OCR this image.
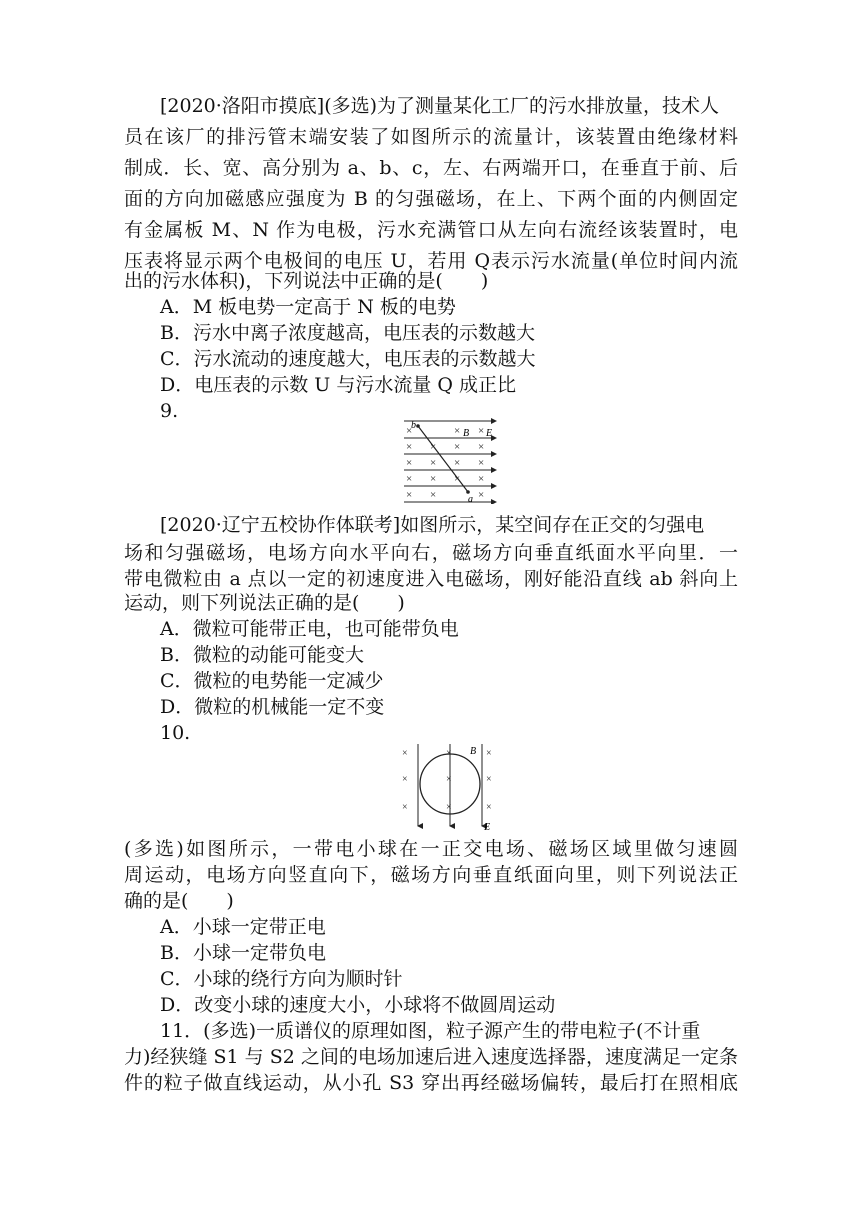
[2020·洛阳市摸底](多选)为了测量某化工厂的污水排放量，技术人
员在该厂的排污管末端安装了如图所示的流量计，该装置由绝缘材料
制成．长、宽、高分别为 a、b、c，左、右两端开口，在垂直于前、后
面的方向加磁感应强度为 B 的匀强磁场，在上、下两个面的内侧固定
有金属板 M、N 作为电极，污水充满管口从左向右流经该装置时，电
压表将显示两个电极间的电压 U，若用 Q表示污水流量(单位时间内流
出的污水体积)，下列说法中正确的是(　　)
A．M 板电势一定高于 N 板的电势
B．污水中离子浓度越高，电压表的示数越大
C．污水流动的速度越大，电压表的示数越大
D．电压表的示数 U 与污水流量 Q 成正比
9.
×	×
× × × ×
× × × ×
× × × ×
× ×	×
×
b
a
B E
[2020·辽宁五校协作体联考]如图所示，某空间存在正交的匀强电
场和匀强磁场，电场方向水平向右，磁场方向垂直纸面水平向里．一
带电微粒由 a 点以一定的初速度进入电磁场，刚好能沿直线 ab 斜向上
运动，则下列说法正确的是(　　)
A．微粒可能带正电，也可能带负电
B．微粒的动能可能变大
C．微粒的电势能一定减少
D．微粒的机械能一定不变
10.
×	×	×
×	×	×
×	×	×
B
E
(多选)如图所示，一带电小球在一正交电场、磁场区域里做匀速圆
周运动，电场方向竖直向下，磁场方向垂直纸面向里，则下列说法正
确的是(　　)
A．小球一定带正电
B．小球一定带负电
C．小球的绕行方向为顺时针
D．改变小球的速度大小，小球将不做圆周运动
11．(多选)一质谱仪的原理如图，粒子源产生的带电粒子(不计重
力)经狭缝 S1 与 S2 之间的电场加速后进入速度选择器，速度满足一定条
件的粒子做直线运动，从小孔 S3 穿出再经磁场偏转，最后打在照相底
